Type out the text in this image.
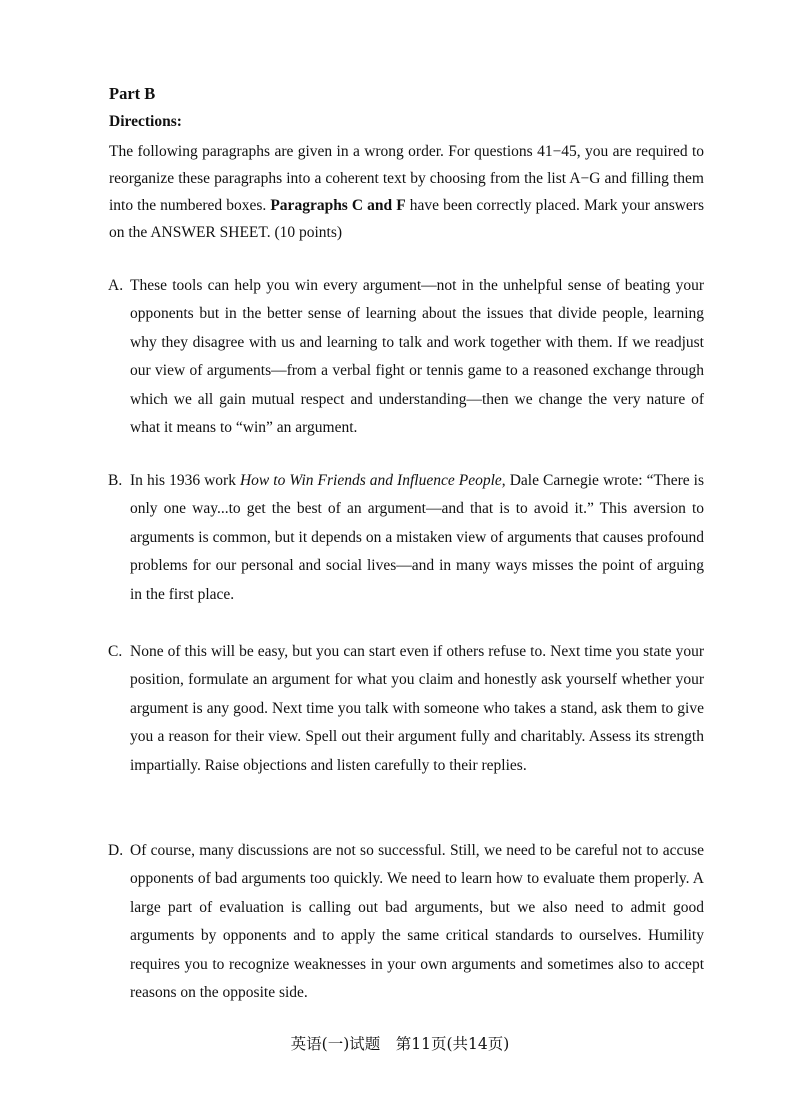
Part B
Directions:
The following paragraphs are given in a wrong order. For questions 41−45, you are required to reorganize these paragraphs into a coherent text by choosing from the list A−G and filling them into the numbered boxes. Paragraphs C and F have been correctly placed. Mark your answers on the ANSWER SHEET. (10 points)
A. These tools can help you win every argument—not in the unhelpful sense of beating your opponents but in the better sense of learning about the issues that divide people, learning why they disagree with us and learning to talk and work together with them. If we readjust our view of arguments—from a verbal fight or tennis game to a reasoned exchange through which we all gain mutual respect and understanding—then we change the very nature of what it means to “win” an argument.
B. In his 1936 work How to Win Friends and Influence People, Dale Carnegie wrote: “There is only one way...to get the best of an argument—and that is to avoid it.” This aversion to arguments is common, but it depends on a mistaken view of arguments that causes profound problems for our personal and social lives—and in many ways misses the point of arguing in the first place.
C. None of this will be easy, but you can start even if others refuse to. Next time you state your position, formulate an argument for what you claim and honestly ask yourself whether your argument is any good. Next time you talk with someone who takes a stand, ask them to give you a reason for their view. Spell out their argument fully and charitably. Assess its strength impartially. Raise objections and listen carefully to their replies.
D. Of course, many discussions are not so successful. Still, we need to be careful not to accuse opponents of bad arguments too quickly. We need to learn how to evaluate them properly. A large part of evaluation is calling out bad arguments, but we also need to admit good arguments by opponents and to apply the same critical standards to ourselves. Humility requires you to recognize weaknesses in your own arguments and sometimes also to accept reasons on the opposite side.
英语(一)试题　第11页(共14页)
